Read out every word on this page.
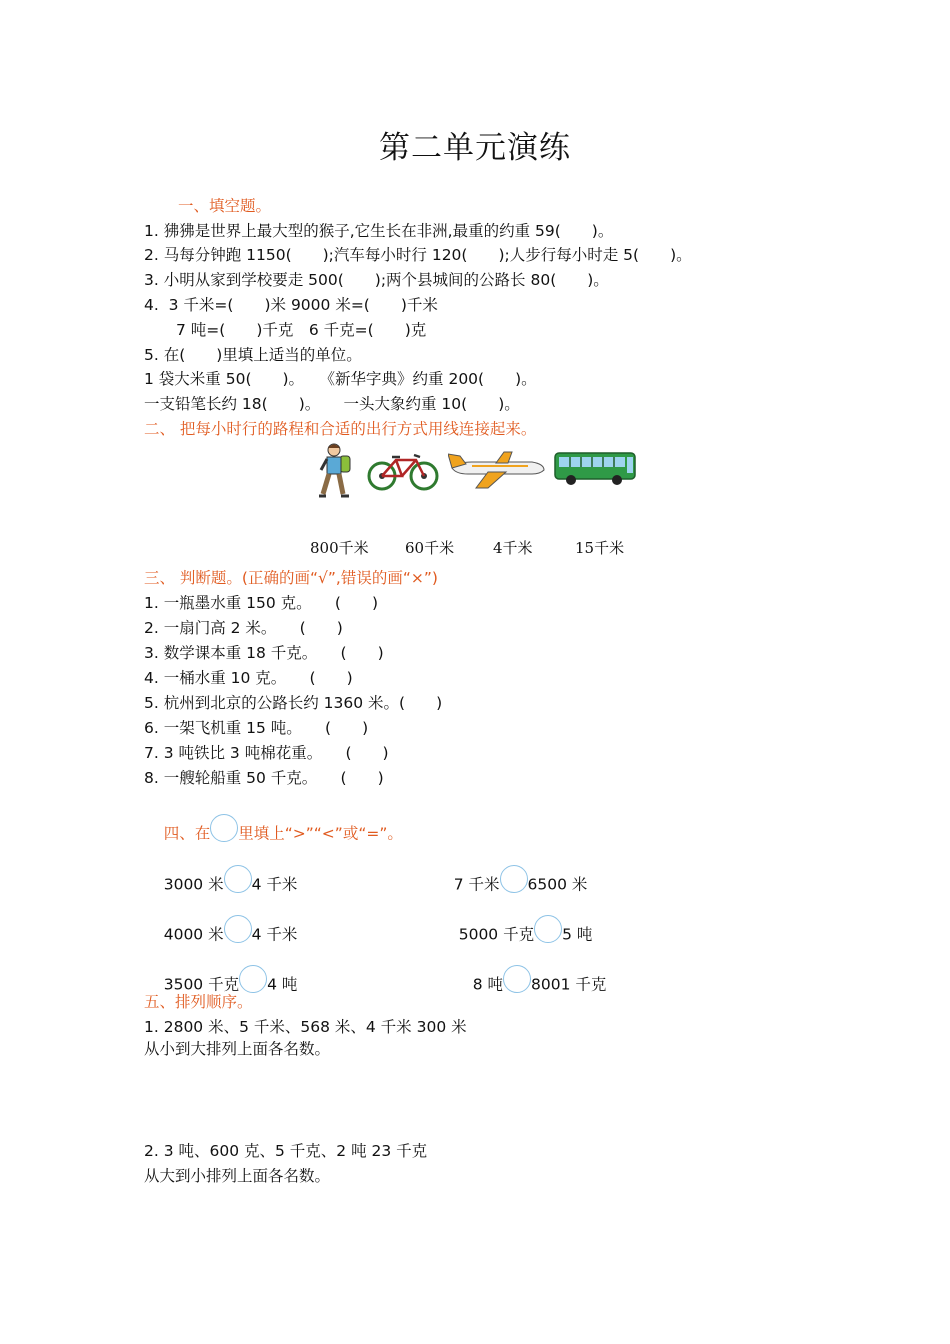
第二单元演练
一、填空题。
1. 狒狒是世界上最大型的猴子,它生长在非洲,最重的约重 59(　　)。
2. 马每分钟跑 1150(　　);汽车每小时行 120(　　);人步行每小时走 5(　　)。
3. 小明从家到学校要走 500(　　);两个县城间的公路长 80(　　)。
4.  3 千米=(　　)米 9000 米=(　　)千米
7 吨=(　　)千克　6 千克=(　　)克
5. 在(　　)里填上适当的单位。
1 袋大米重 50(　　)。　　《新华字典》约重 200(　　)。
一支铅笔长约 18(　　)。　　一头大象约重 10(　　)。
二、 把每小时行的路程和合适的出行方式用线连接起来。
800千米 60千米	4千米	15千米
三、 判断题。(正确的画“√”,错误的画“×”)
1. 一瓶墨水重 150 克。　　(　　)
2. 一扇门高 2 米。　　(　　)
3. 数学课本重 18 千克。　　(　　)
4. 一桶水重 10 克。　　(　　)
5. 杭州到北京的公路长约 1360 米。(　　)
6. 一架飞机重 15 吨。　　(　　)
7. 3 吨铁比 3 吨棉花重。　　(　　)
8. 一艘轮船重 50 千克。　　(　　)

四、在 里填上“>”“<”或“=”。

3000 米 4 千米
	7 千米 6500 米

4000 米 4 千米
	5000 千克 5 吨

3500 千克 4 吨
	8 吨 8001 千克

五、排列顺序。
1. 2800 米、5 千米、568 米、4 千米 300 米
从小到大排列上面各名数。
2. 3 吨、600 克、5 千克、2 吨 23 千克
从大到小排列上面各名数。
